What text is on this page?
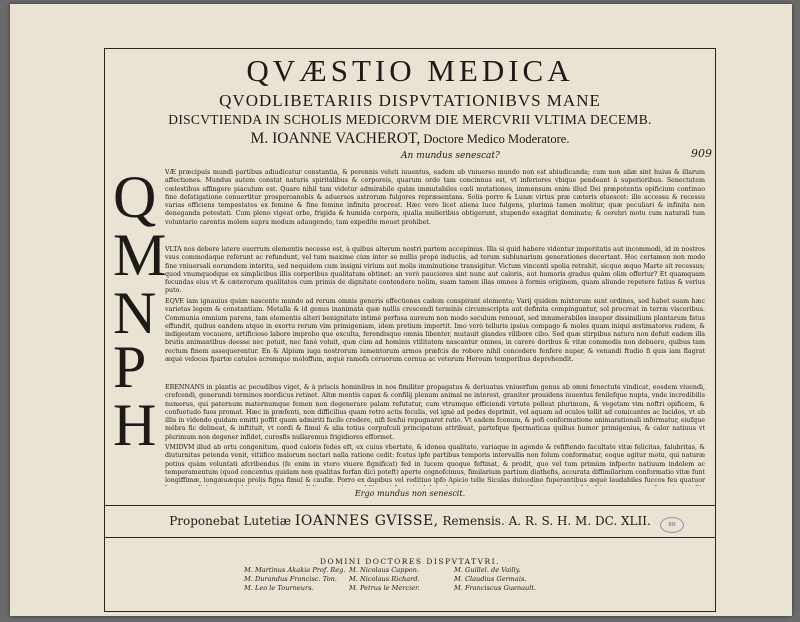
QVÆSTIO MEDICA
QVODLIBETARIIS DISPVTATIONIBVS MANE
DISCVTIENDA IN SCHOLIS MEDICORVM DIE MERCVRII VLTIMA DECEMB.
M. IOANNE VACHEROT, Doctore Medico Moderatore.
An mundus senescat?	909
Q VÆ præcipuis mundi partibus adiudicatur constantia, & perennis veluti iuuentus, eadem ab vniuerso mundo non est abiudicanda; cum non aliæ sint huius & illarum affectiones. Mundus autem constat naturis spiritalibus & corporeis, quarum ordo tam concinnus est, vt inferiores vbique pendeant à superioribus. Senectutem cœlestibus affingere piaculum est. Quare nihil tam videtur admirabile quàm immutabiles cœli mutationes, immensum enim illud Dei præpotentis opificium continuo fine defatigatione conuertitur prosperoanobis & aduersos astrorum fulgores repræsentans. Solis porro & Lunæ virtus præ cæteris eluescet: ille accessu & recessu varias efficiens tempestates ex femine & fine femine infinita procreat. Hæc vero licet aliena luce fulgens, plurima tamen molitur, quæ peculiari & infinita non deneganda potestati. Cum pleno vigeat orbe, frigida & humida corpora, qualia mulieribus obtigerunt, stupendo exagitat dominatu; & cerebri motu cum naturali tum voluntario carentis molem supra modum adaugendo, tam expedite mouet prohibet.
M
VLTA nos debere latere euerrum elementis necesse est, à quibus alterum nostri partem accepimus. Illa si quid habere videntur imperitatis aut incommodi, id in nostros vsus commodaque referunt ac refundunt, vel tum maxime cùm inter se nullis propè induciis, ad terum sublunarium generationes decertant. Hoc certamen non modo fine vniuersali eorumdem interitu, sed nequidem cum insigni virium aut molis imminutione transigitur. Victum vincenti spolia retrahit, sicque æquo Marte sit recessus; quod vnumquodque ex simplicibus illis corporibus qualitatum obtinet: an verò pauciores sint nunc aut caloris, aut humoris gradus quàm olim offertur? Et quamquam fecundas eius vt & cæterorum qualitates cum primis de dignitate contendere nolim, suam tamen illas omnes à formis originem, quam aliunde repetere fatius & verius puto.
N EQVE iam ignauius quàm nascente mundo ad rerum omnis generis effectiones cadem conspirant elementa; Varij quidem mixtorum sunt ordines, sed habet suam hæc varietas legem & constantiam. Metalla & id genus inanimata quæ nullis crescendi terminis circumscripta aut definita compinguntur, sol procreat in terræ visceribus. Communia omnium parens, tam elementis alteri benignitate intimè perfusa aureum non modo seculum renouat, sed innumerabiles insuper dissimilium plantarum fatus effundit, quibus eandem atque in exortu rerum vim primigeniam, idem pretium impertit. Imo verò telluris ipsius compago & moles quam iniqui æstimatores rudem, & indigestam vocauere, artificioso labore improbo que exculta, ferendisque omnia libenter, mutauit glandes vilibore cibo. Sed quæ stirpibus natura non defuit eadem illa brutis animantibus deesse nec potuit, nec fanè voluit, quæ cùm ad hominis vtilitatem nascantur omnes, in carere doribus & vitæ commodis non debuere, quibus tam rectum finem assequerentur. En & Alpium iuga nostrorum iumentorum armos præfcis de robore nihil concedere fenfere nuper, & venandi ftudio fi quis iam flagrat æquè veloces fpartæ catulos acremque moloffum, æquè ramofa ceruorum cornua ac veterum Heroum temporibus deprehendit.
P	ERENNANS in plantis ac pecudibus viget, & à priscis hominibus in nos fimiliter propagatus & deriuatus vniuerfum genus ab omni fenectute vindicat, eosdem viuendi, crefcendi, generandi terminos mordicus retinet. Altæ mentis capax & confilij plenum animal ne interest, graniter prouidens iuuentus fenilefque nupta, vnde incredibilis numerus, qui paternum maternumque femen non degenerare palam refutatur, cum vtrumque efficiendi virtute polleat plurimum, & vegetam vim noftri opificem, & confuetudo fuos promat. Hæc in præfenti, non difficilius quam retro actis feculis, vel ignè ad pedes deprimit, vel aquam ad oculos tollit ad comicantes ac lucidos, vt ab illis in videndo quidam emitti poffit quam admiriti facile credere, nifi fenfui repugnaret ratio. Vt eadem fcenum, & pofi conformatione animarationali informatur, eiufque mébra fic delineat, & inftituit, vt cordi & fimul & alia totius corpufculi principatum attribuat, partefque fpermaticas quibus humor primigenius, & calor natiuus vt plurimum non degener infidet, curosfis nullaremus frigidiores efformet.
H VMIDVM illud ab ortu congenitum, quod caloris fedes eft, ex cuius vbertate, & idonea qualitate, variaque in agendo & refiftendo facultate vitæ felicitas, falubritas, & diuturnitas petenda venit, vitiifico malorum nectari nalla ratione cedit: fcetus ipfe partibus temporis intervallis non folum conformatur, eoque agitur motu, qui naturæ potius quàm voluntati afcribendus (fe enim in vtero viuere fignificat) fed in lucem quoque feftinat, & prodit, quo vel tum primùm infpecto natiuum indolem ac temperamentum (quod concentus quidam non qualitas forfan dici poteft) aperte cognofcimus, fimilarium partium diathefis, accurata diffimilarium conformatio vitæ funt longiffimæ, longæuæque prolis figna fimul & caufæ. Porro ex dapibus vel reditiuo ipfo Apicio telle Siculas dulcedine fuperantibus æquè laudabiles fuccos feu quatuor
Ergo mundus non senescit.
Proponebat Lutetiæ IOANNES GVISSE, Remensis. A. R. S. H. M. DC. XLII.
DOMINI DOCTORES DISPVTATVRI.
M. Martinus Akakia Prof. Reg. M. Nicolaus Cappon.	M. Guillel. de Vailly.
M. Durandus Francisc. Ton.	M. Nicolaus Richard.	M. Claudius Germais.
M. Leo le Tourneurs.	M. Petrus le Mercier.	M. Franciscus Guenault.
BN
